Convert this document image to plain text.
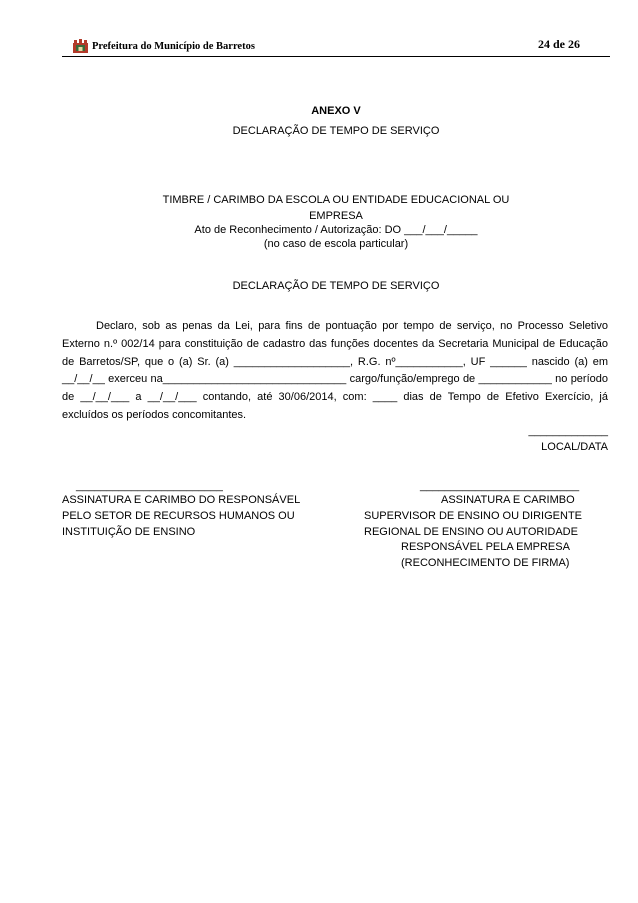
Prefeitura do Município de Barretos	24 de 26
ANEXO V
DECLARAÇÃO DE TEMPO DE SERVIÇO
TIMBRE / CARIMBO DA ESCOLA OU ENTIDADE EDUCACIONAL OU
EMPRESA
Ato de Reconhecimento / Autorização: DO ___/___/_____
(no caso de escola particular)
DECLARAÇÃO DE TEMPO DE SERVIÇO

Declaro, sob as penas da Lei, para fins de pontuação por tempo de serviço, no Processo Seletivo Externo n.º 002/14 para constituição de cadastro das funções docentes da Secretaria Municipal de Educação de Barretos/SP, que o (a) Sr. (a) ___________________, R.G. nº___________, UF ______ nascido (a) em __/__/__ exerceu na______________________________ cargo/função/emprego de ____________ no período de __/__/___ a __/__/___ contando, até 30/06/2014, com: ____ dias de Tempo de Efetivo Exercício, já excluídos os períodos concomitantes.

_____________
LOCAL/DATA
________________________
ASSINATURA E CARIMBO DO RESPONSÁVEL
PELO SETOR DE RECURSOS HUMANOS OU
INSTITUIÇÃO DE ENSINO
__________________________
ASSINATURA E CARIMBO
SUPERVISOR DE ENSINO OU DIRIGENTE
REGIONAL DE ENSINO OU AUTORIDADE
RESPONSÁVEL PELA EMPRESA
(RECONHECIMENTO DE FIRMA)
